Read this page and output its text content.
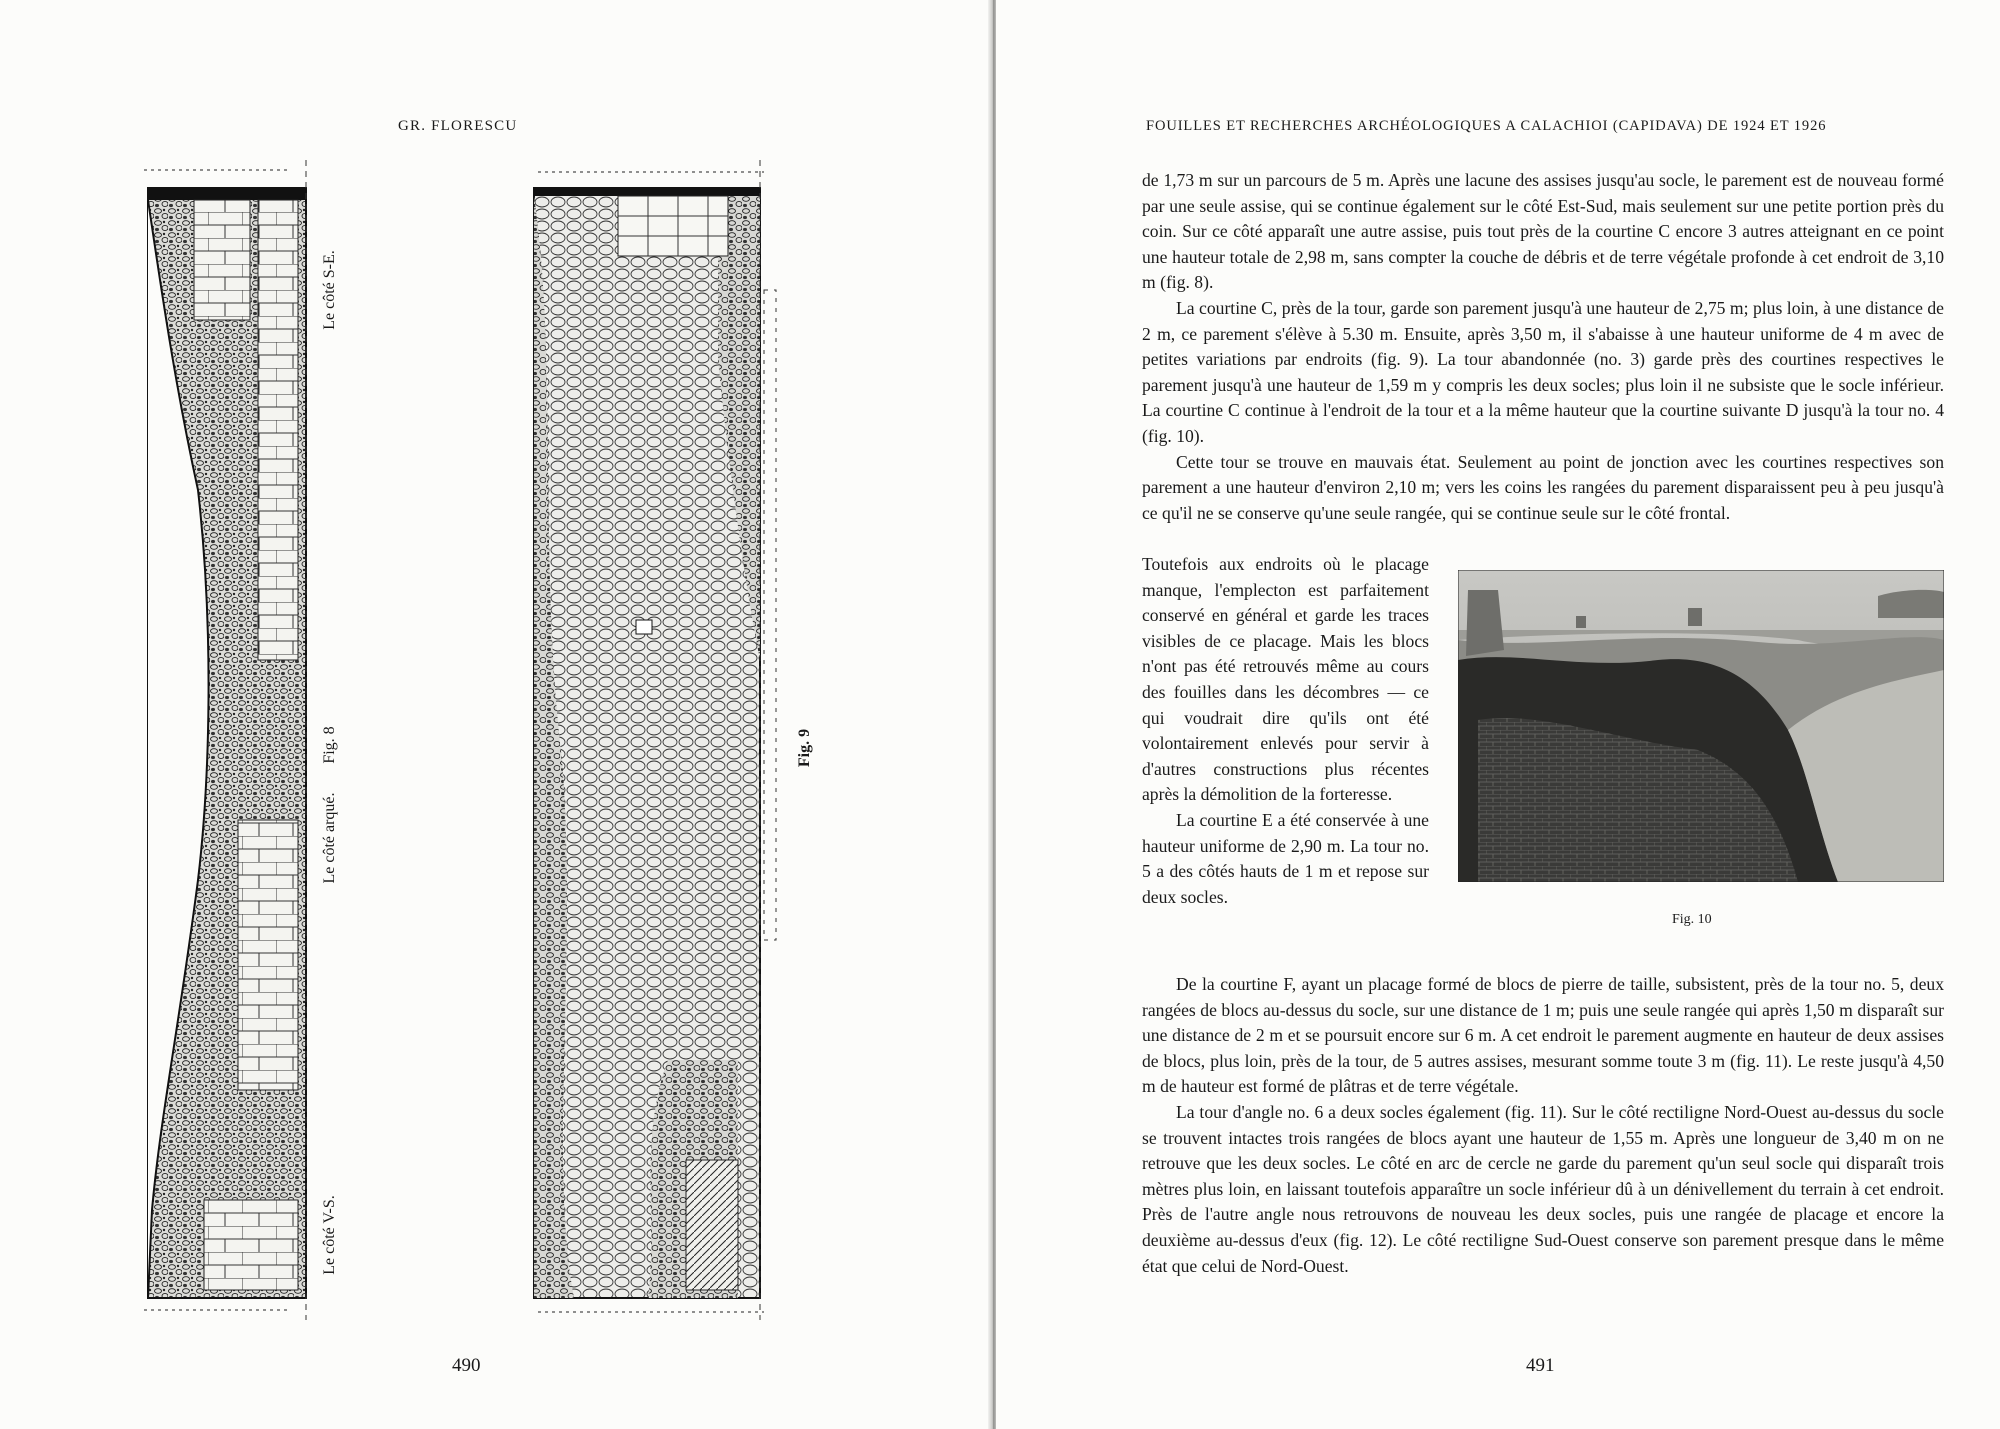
GR. FLORESCU
Le côté S-E.
Fig. 8
Le côté arqué.
Le côté V-S.
Fig. 9
490
FOUILLES ET RECHERCHES ARCHÉOLOGIQUES A CALACHIOI (CAPIDAVA) DE 1924 ET 1926

de 1,73 m sur un parcours de 5 m. Après une lacune des assises jusqu'au socle, le parement est de nouveau formé par une seule assise, qui se continue également sur le côté Est-Sud, mais seulement sur une petite portion près du coin. Sur ce côté apparaît une autre assise, puis tout près de la courtine C encore 3 autres atteignant en ce point une hauteur totale de 2,98 m, sans compter la couche de débris et de terre végétale profonde à cet endroit de 3,10 m (fig. 8).

La courtine C, près de la tour, garde son parement jusqu'à une hauteur de 2,75 m; plus loin, à une distance de 2 m, ce parement s'élève à 5.30 m. Ensuite, après 3,50 m, il s'abaisse à une hauteur uniforme de 4 m avec de petites variations par endroits (fig. 9). La tour abandonnée (no. 3) garde près des courtines respectives le parement jusqu'à une hauteur de 1,59 m y compris les deux socles; plus loin il ne subsiste que le socle inférieur. La courtine C continue à l'endroit de la tour et a la même hauteur que la courtine suivante D jusqu'à la tour no. 4 (fig. 10).

Cette tour se trouve en mauvais état. Seulement au point de jonction avec les courtines respectives son parement a une hauteur d'environ 2,10 m; vers les coins les rangées du parement disparaissent peu à peu jusqu'à ce qu'il ne se conserve qu'une seule rangée, qui se continue seule sur le côté frontal.

Toutefois aux endroits où le placage manque, l'emplecton est parfaitement conservé en général et garde les traces visibles de ce placage. Mais les blocs n'ont pas été retrouvés même au cours des fouilles dans les décombres — ce qui voudrait dire qu'ils ont été volontairement enlevés pour servir à d'autres constructions plus récentes après la démolition de la forteresse.

La courtine E a été conservée à une hauteur uniforme de 2,90 m. La tour no. 5 a des côtés hauts de 1 m et repose sur deux socles.

Fig. 10

De la courtine F, ayant un placage formé de blocs de pierre de taille, subsistent, près de la tour no. 5, deux rangées de blocs au-dessus du socle, sur une distance de 1 m; puis une seule rangée qui après 1,50 m disparaît sur une distance de 2 m et se poursuit encore sur 6 m. A cet endroit le parement augmente en hauteur de deux assises de blocs, plus loin, près de la tour, de 5 autres assises, mesurant somme toute 3 m (fig. 11). Le reste jusqu'à 4,50 m de hauteur est formé de plâtras et de terre végétale.

La tour d'angle no. 6 a deux socles également (fig. 11). Sur le côté rectiligne Nord-Ouest au-dessus du socle se trouvent intactes trois rangées de blocs ayant une hauteur de 1,55 m. Après une longueur de 3,40 m on ne retrouve que les deux socles. Le côté en arc de cercle ne garde du parement qu'un seul socle qui disparaît trois mètres plus loin, en laissant toutefois apparaître un socle inférieur dû à un dénivellement du terrain à cet endroit. Près de l'autre angle nous retrouvons de nouveau les deux socles, puis une rangée de placage et encore la deuxième au-dessus d'eux (fig. 12). Le côté rectiligne Sud-Ouest conserve son parement presque dans le même état que celui de Nord-Ouest.

491
